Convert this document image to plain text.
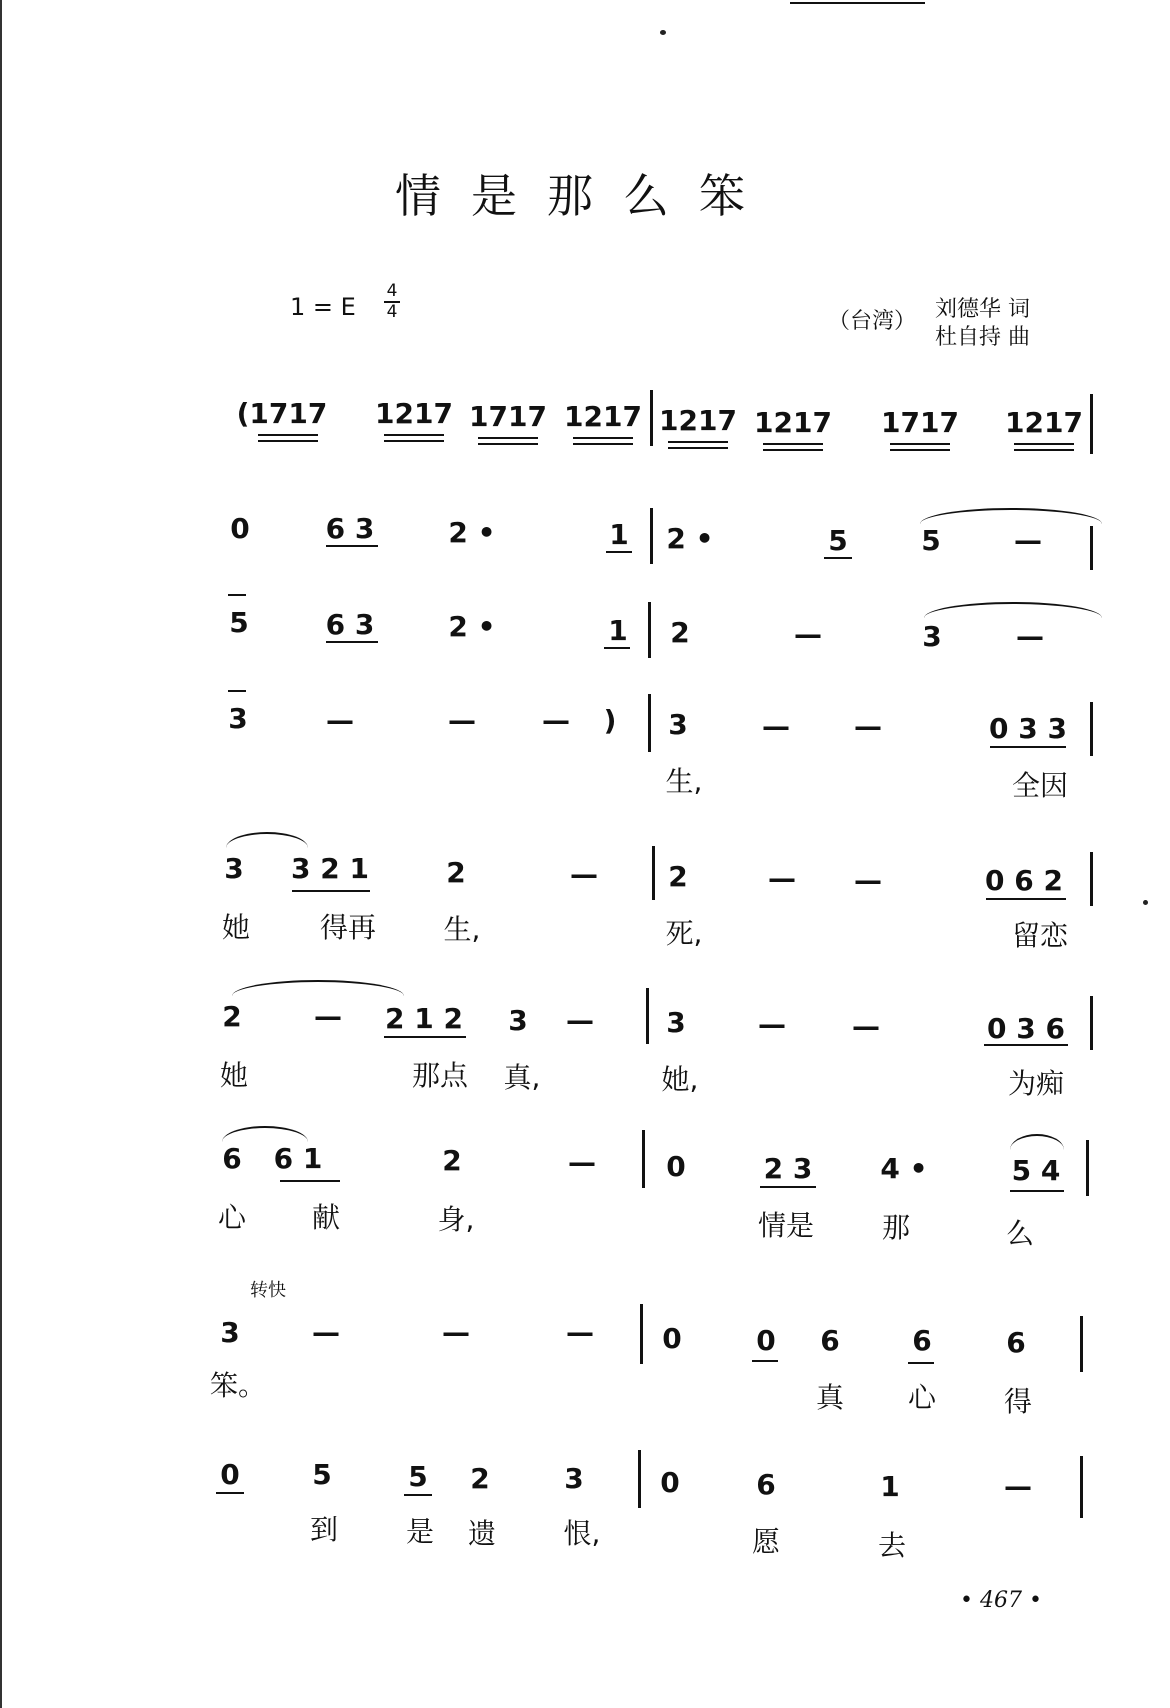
情是那么笨
1 = E
4
4	（台湾） 刘德华 词
杜自持 曲
(1717 1217 1717 1217 1217 1217 1717 1217
0	6 3	2 •	1 2 •	5	5	—
5	6 3	2 •	1 2	—	3	—
3	—	— — ) 3	— —	0 3 3
生,	全因
3 3 2 1	2	—	2	— —	0 6 2
她 得再 生,	死,	留恋
2	— 2 1 2 3 —	3	— —	0 3 6
她	那点 真,	她,	为痴
6 6 1	2	—	0	2 3 4 •	5 4
心 献	身,	情是 那	么
转快
3	—	—	— 0	0 6	6	6
笨。	真 心 得
0	5	5 2	3	0	6	1	—
到 是 遗 恨,	愿	去
• 467 •
